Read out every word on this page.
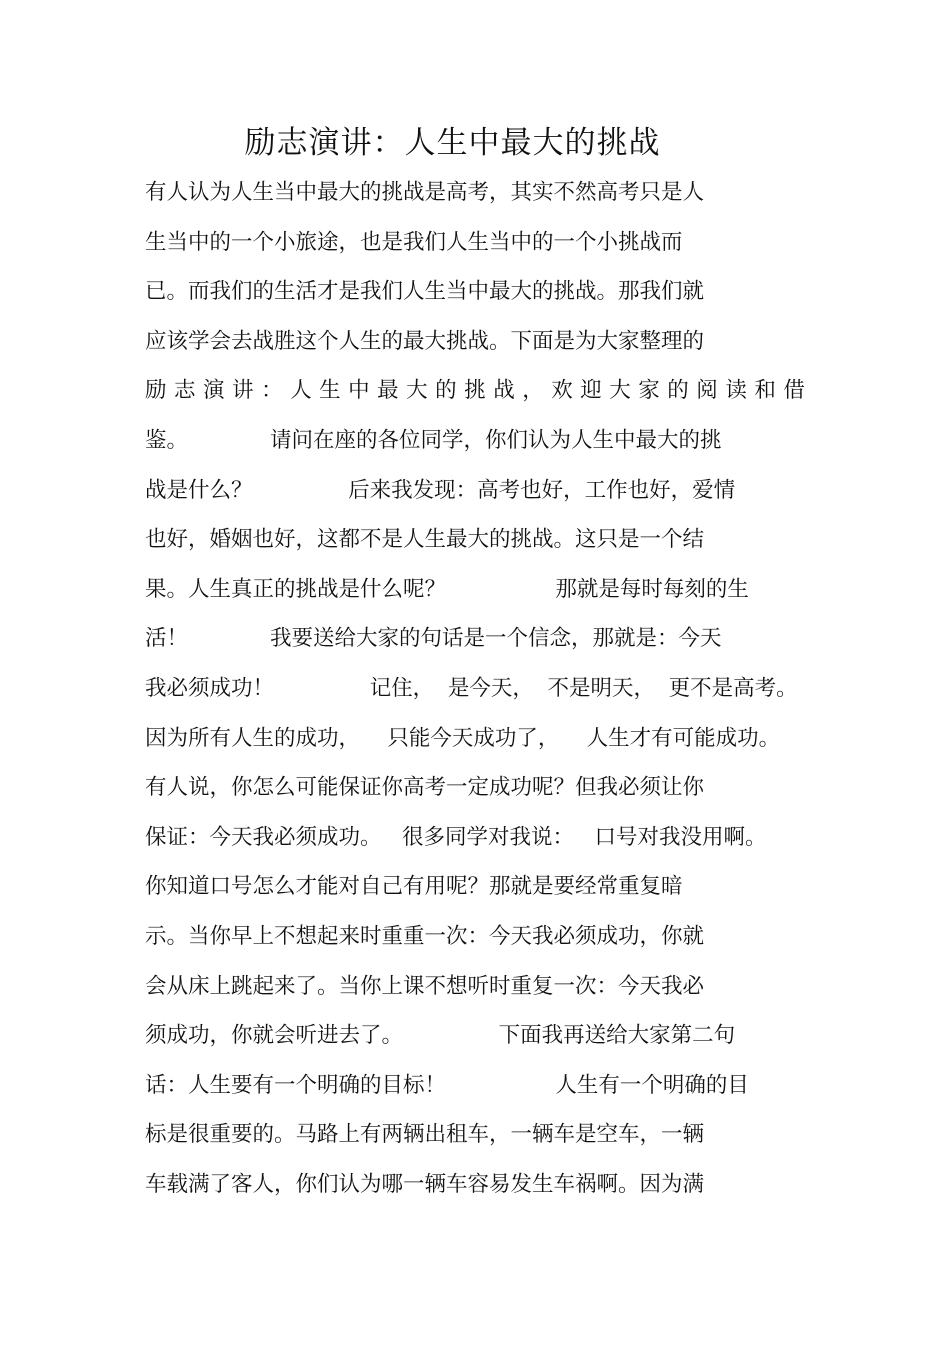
励志演讲：人生中最大的挑战
有人认为人生当中最大的挑战是高考，其实不然高考只是人
生当中的一个小旅途，也是我们人生当中的一个小挑战而
已。而我们的生活才是我们人生当中最大的挑战。那我们就
应该学会去战胜这个人生的最大挑战。下面是为大家整理的
励 志 演 讲 ： 人 生 中 最 大 的 挑 战 ， 欢 迎 大 家 的 阅 读 和 借
鉴。            请问在座的各位同学，你们认为人生中最大的挑
战是什么？              后来我发现：高考也好，工作也好，爱情
也好，婚姻也好，这都不是人生最大的挑战。这只是一个结
果。人生真正的挑战是什么呢？                那就是每时每刻的生
活！            我要送给大家的句话是一个信念，那就是：今天
我必须成功！              记住，  是今天，  不是明天，  更不是高考。
因为所有人生的成功，    只能今天成功了，    人生才有可能成功。
有人说，你怎么可能保证你高考一定成功呢？但我必须让你
保证：今天我必须成功。   很多同学对我说：   口号对我没用啊。
你知道口号怎么才能对自己有用呢？那就是要经常重复暗
示。当你早上不想起来时重重一次：今天我必须成功，你就
会从床上跳起来了。当你上课不想听时重复一次：今天我必
须成功，你就会听进去了。              下面我再送给大家第二句
话：人生要有一个明确的目标！                人生有一个明确的目
标是很重要的。马路上有两辆出租车，一辆车是空车，一辆
车载满了客人，你们认为哪一辆车容易发生车祸啊。因为满
